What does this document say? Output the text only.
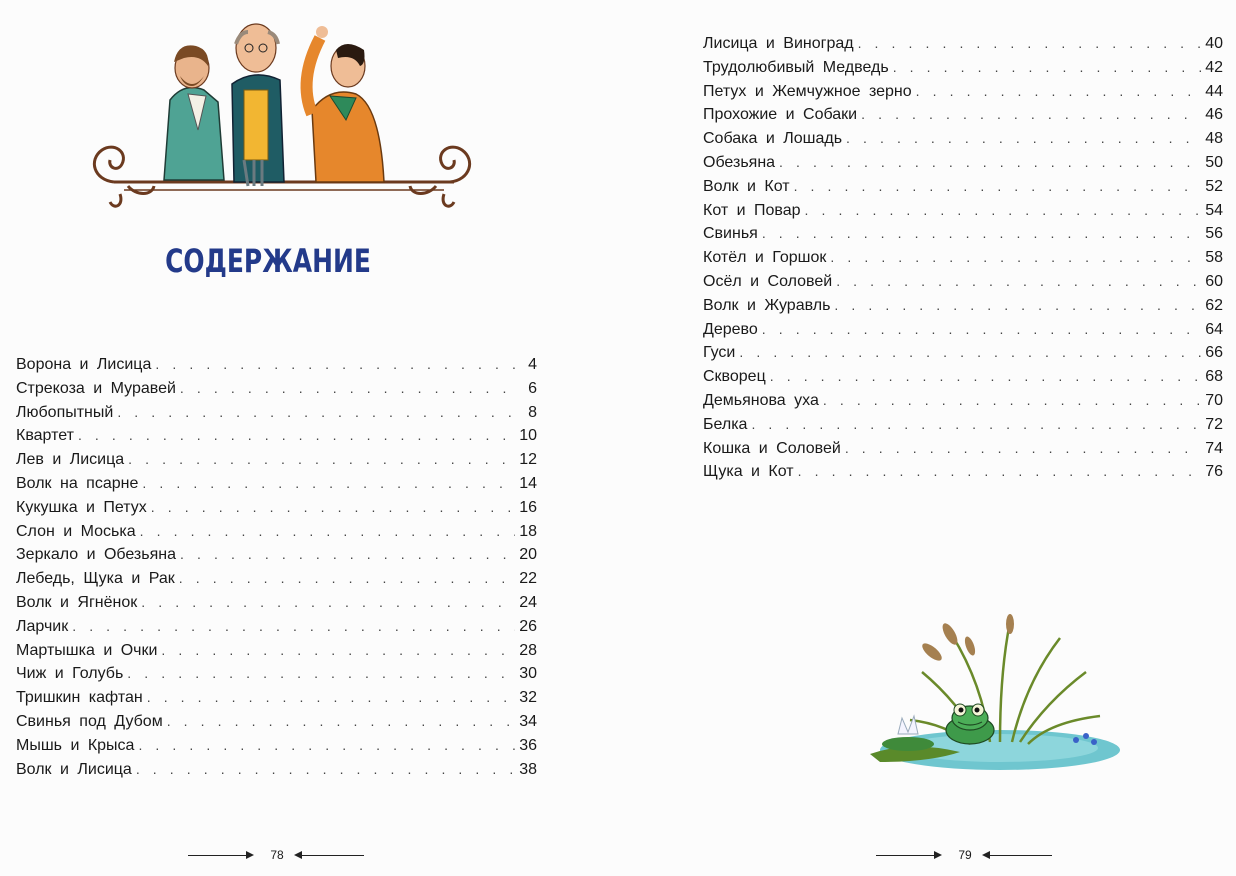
СОДЕРЖАНИЕ
Ворона и Лисица . . .	4
Стрекоза и Муравей . . .	6
Любопытный . . .	8
Квартет . . .	10
Лев и Лисица . . .	12
Волк на псарне . . .	14
Кукушка и Петух . . .	16
Слон и Моська . . .	18
Зеркало и Обезьяна . . .	20
Лебедь, Щука и Рак . . .	22
Волк и Ягнёнок . . .	24
Ларчик . . .	26
Мартышка и Очки . . .	28
Чиж и Голубь . . .	30
Тришкин кафтан . . .	32
Свинья под Дубом . . .	34
Мышь и Крыса . . .	36
Волк и Лисица . . .	38
78
Лисица и Виноград . . .	40
Трудолюбивый Медведь . . .	42
Петух и Жемчужное зерно . . .	44
Прохожие и Собаки . . .	46
Собака и Лошадь . . .	48
Обезьяна . . .	50
Волк и Кот . . .	52
Кот и Повар . . .	54
Свинья . . .	56
Котёл и Горшок . . .	58
Осёл и Соловей . . .	60
Волк и Журавль . . .	62
Дерево . . .	64
Гуси . . .	66
Скворец . . .	68
Демьянова уха . . .	70
Белка . . .	72
Кошка и Соловей . . .	74
Щука и Кот . . .	76
79
